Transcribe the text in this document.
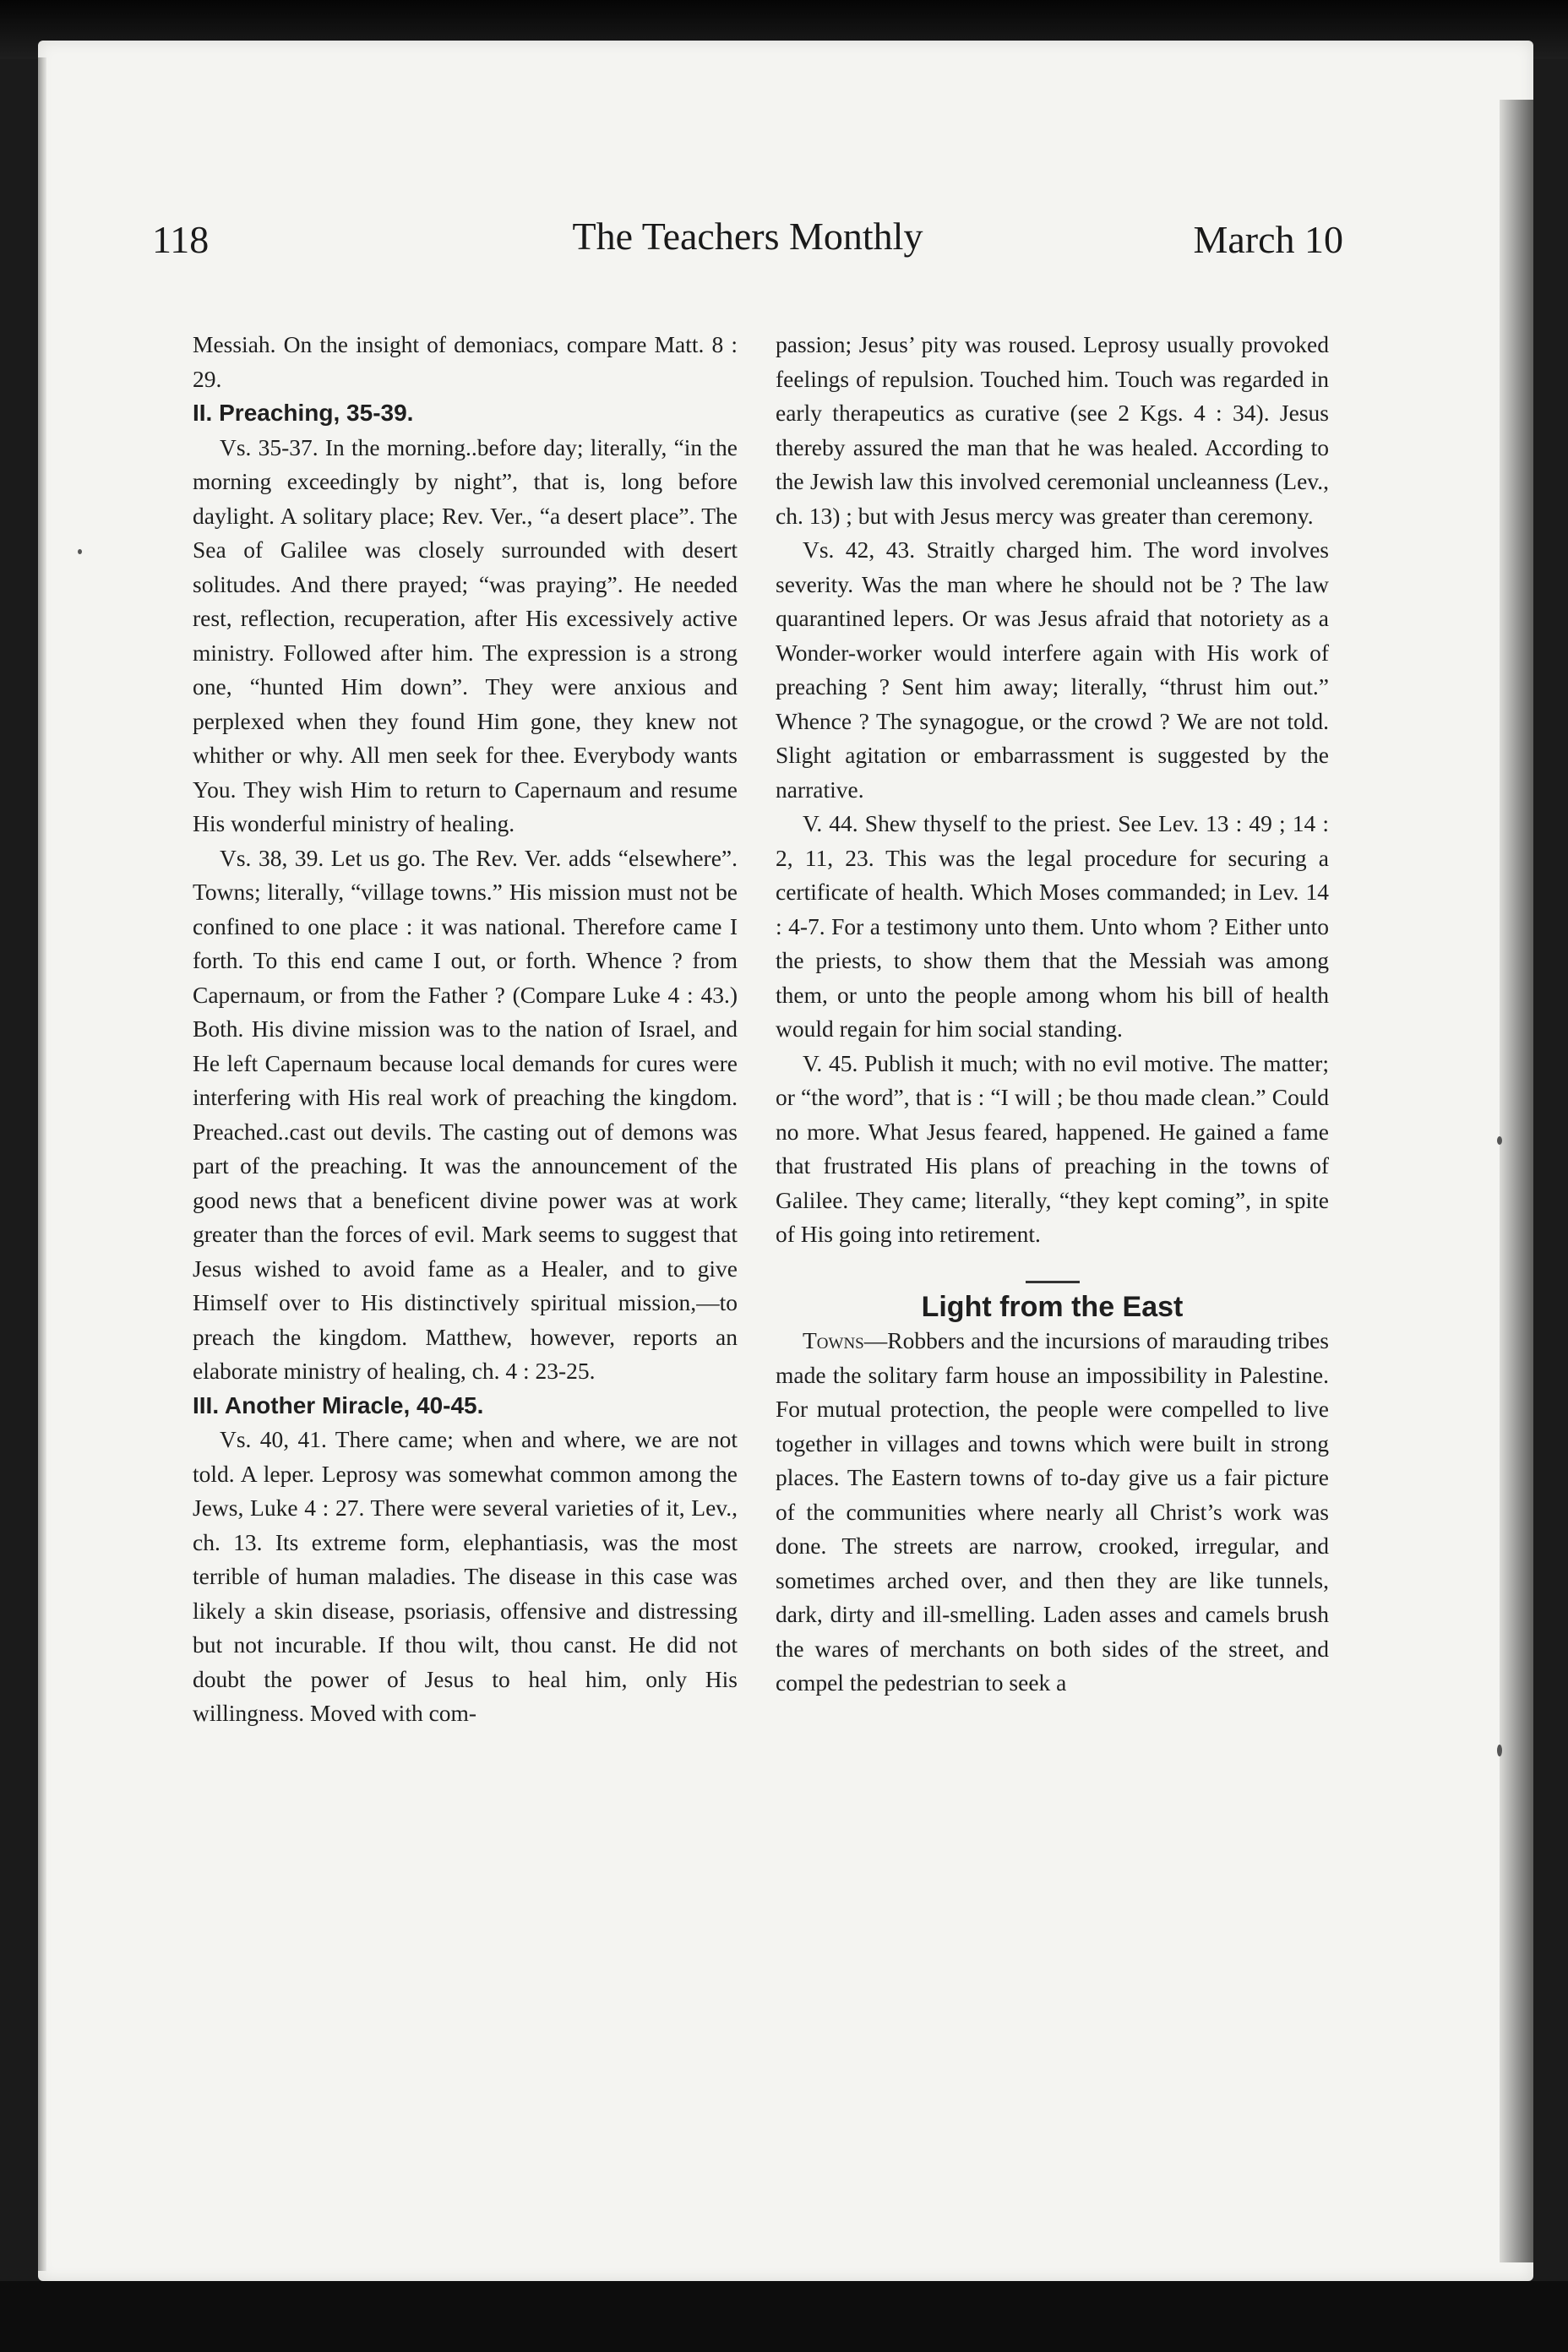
118	The Teachers Monthly	March 10

Messiah. On the insight of demoniacs, compare Matt. 8 : 29.

II. Preaching, 35-39.

Vs. 35-37. In the morning..before day; literally, “in the morning exceedingly by night”, that is, long before daylight. A solitary place; Rev. Ver., “a desert place”. The Sea of Galilee was closely surrounded with desert solitudes. And there prayed; “was praying”. He needed rest, reflection, recuperation, after His excessively active ministry. Followed after him. The expression is a strong one, “hunted Him down”. They were anxious and perplexed when they found Him gone, they knew not whither or why. All men seek for thee. Everybody wants You. They wish Him to return to Capernaum and resume His wonderful ministry of healing.

Vs. 38, 39. Let us go. The Rev. Ver. adds “elsewhere”. Towns; literally, “village towns.” His mission must not be confined to one place : it was national. Therefore came I forth. To this end came I out, or forth. Whence ? from Capernaum, or from the Father ? (Compare Luke 4 : 43.) Both. His divine mission was to the nation of Israel, and He left Capernaum because local demands for cures were interfering with His real work of preaching the kingdom. Preached..cast out devils. The casting out of demons was part of the preaching. It was the announcement of the good news that a beneficent divine power was at work greater than the forces of evil. Mark seems to suggest that Jesus wished to avoid fame as a Healer, and to give Himself over to His distinctively spiritual mission,—to preach the kingdom. Matthew, however, reports an elaborate ministry of healing, ch. 4 : 23-25.

III. Another Miracle, 40-45.

Vs. 40, 41. There came; when and where, we are not told. A leper. Leprosy was somewhat common among the Jews, Luke 4 : 27. There were several varieties of it, Lev., ch. 13. Its extreme form, elephantiasis, was the most terrible of human maladies. The disease in this case was likely a skin disease, psoriasis, offensive and distressing but not incurable. If thou wilt, thou canst. He did not doubt the power of Jesus to heal him, only His willingness. Moved with com-

passion; Jesus’ pity was roused. Leprosy usually provoked feelings of repulsion. Touched him. Touch was regarded in early therapeutics as curative (see 2 Kgs. 4 : 34). Jesus thereby assured the man that he was healed. According to the Jewish law this involved ceremonial uncleanness (Lev., ch. 13) ; but with Jesus mercy was greater than ceremony.

Vs. 42, 43. Straitly charged him. The word involves severity. Was the man where he should not be ? The law quarantined lepers. Or was Jesus afraid that notoriety as a Wonder-worker would interfere again with His work of preaching ? Sent him away; literally, “thrust him out.” Whence ? The synagogue, or the crowd ? We are not told. Slight agitation or embarrassment is suggested by the narrative.

V. 44. Shew thyself to the priest. See Lev. 13 : 49 ; 14 : 2, 11, 23. This was the legal procedure for securing a certificate of health. Which Moses commanded; in Lev. 14 : 4-7. For a testimony unto them. Unto whom ? Either unto the priests, to show them that the Messiah was among them, or unto the people among whom his bill of health would regain for him social standing.

V. 45. Publish it much; with no evil motive. The matter; or “the word”, that is : “I will ; be thou made clean.” Could no more. What Jesus feared, happened. He gained a fame that frustrated His plans of preaching in the towns of Galilee. They came; literally, “they kept coming”, in spite of His going into retirement.

Light from the East

Towns—Robbers and the incursions of marauding tribes made the solitary farm house an impossibility in Palestine. For mutual protection, the people were compelled to live together in villages and towns which were built in strong places. The Eastern towns of to-day give us a fair picture of the communities where nearly all Christ’s work was done. The streets are narrow, crooked, irregular, and sometimes arched over, and then they are like tunnels, dark, dirty and ill-smelling. Laden asses and camels brush the wares of merchants on both sides of the street, and compel the pedestrian to seek a
